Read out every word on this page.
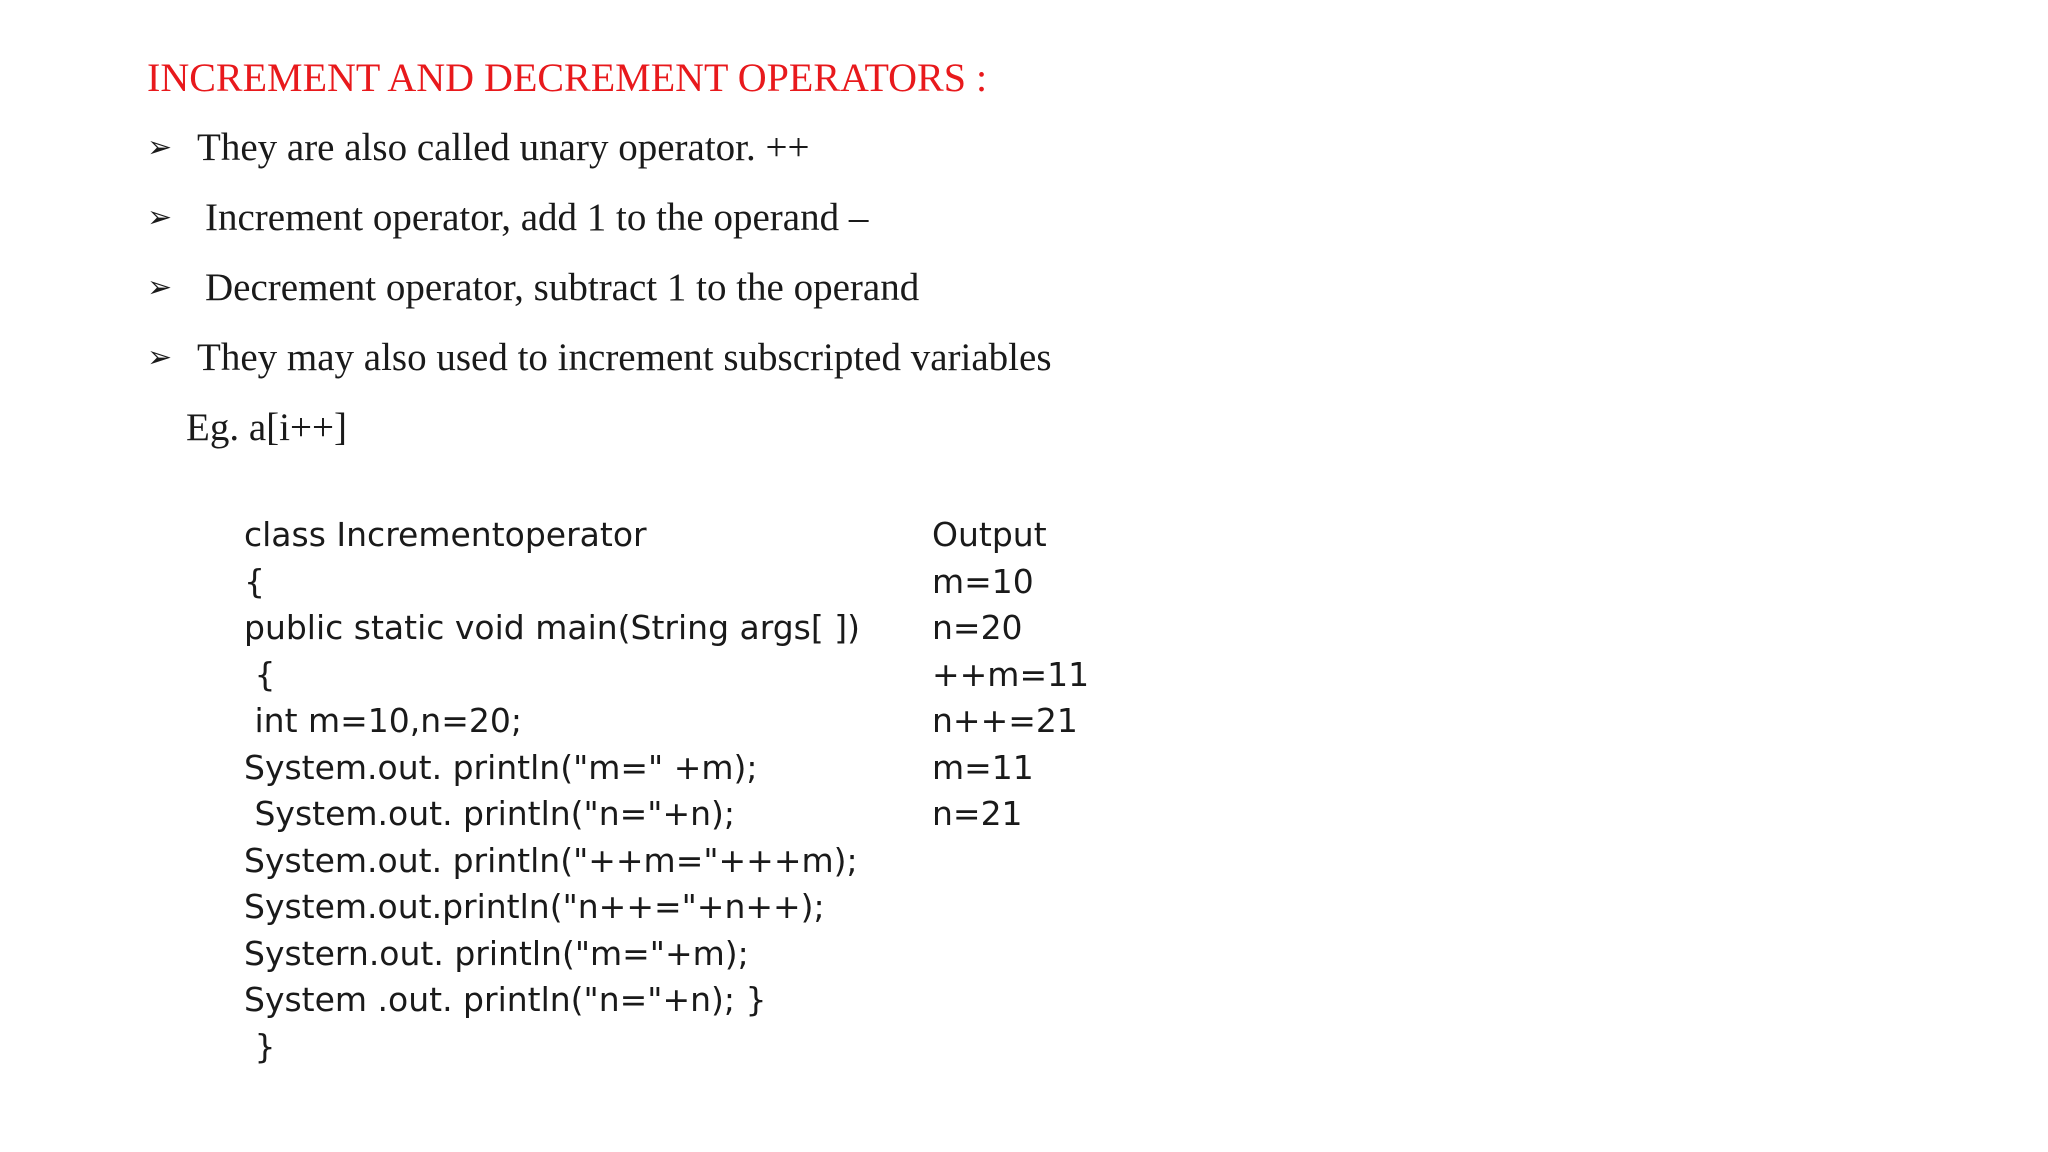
INCREMENT AND DECREMENT OPERATORS :
➢ They are also called unary operator. ++
➢ Increment operator, add 1 to the operand –
➢ Decrement operator, subtract 1 to the operand
➢ They may also used to increment subscripted variables

Eg. a[i++]

class Incrementoperator
{
public static void main(String args[ ])
{
int m=10,n=20;
System.out. println("m=" +m);
System.out. println("n="+n);
System.out. println("++m="+++m);
System.out.println("n++="+n++);
Systern.out. println("m="+m);
System .out. println("n="+n); }
}
Output
m=10
n=20
++m=11
n++=21
m=11
n=21
